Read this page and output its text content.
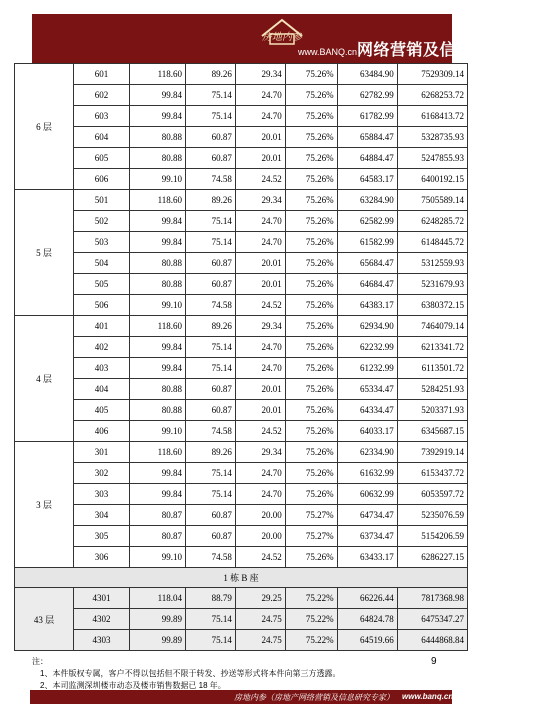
房地内参
www.BANQ.cn网络营销及信息研究专家
6 层	601	118.60	89.26	29.34	75.26%	63484.90	7529309.14
	602	99.84	75.14	24.70	75.26%	62782.99	6268253.72
	603	99.84	75.14	24.70	75.26%	61782.99	6168413.72
	604	80.88	60.87	20.01	75.26%	65884.47	5328735.93
	605	80.88	60.87	20.01	75.26%	64884.47	5247855.93
	606	99.10	74.58	24.52	75.26%	64583.17	6400192.15
5 层	501	118.60	89.26	29.34	75.26%	63284.90	7505589.14
	502	99.84	75.14	24.70	75.26%	62582.99	6248285.72
	503	99.84	75.14	24.70	75.26%	61582.99	6148445.72
	504	80.88	60.87	20.01	75.26%	65684.47	5312559.93
	505	80.88	60.87	20.01	75.26%	64684.47	5231679.93
	506	99.10	74.58	24.52	75.26%	64383.17	6380372.15
4 层	401	118.60	89.26	29.34	75.26%	62934.90	7464079.14
	402	99.84	75.14	24.70	75.26%	62232.99	6213341.72
	403	99.84	75.14	24.70	75.26%	61232.99	6113501.72
	404	80.88	60.87	20.01	75.26%	65334.47	5284251.93
	405	80.88	60.87	20.01	75.26%	64334.47	5203371.93
	406	99.10	74.58	24.52	75.26%	64033.17	6345687.15
3 层	301	118.60	89.26	29.34	75.26%	62334.90	7392919.14
	302	99.84	75.14	24.70	75.26%	61632.99	6153437.72
	303	99.84	75.14	24.70	75.26%	60632.99	6053597.72
	304	80.87	60.87	20.00	75.27%	64734.47	5235076.59
	305	80.87	60.87	20.00	75.27%	63734.47	5154206.59
	306	99.10	74.58	24.52	75.26%	63433.17	6286227.15
1 栋 B 座							
43 层	4301	118.04	88.79	29.25	75.22%	66226.44	7817368.98
	4302	99.89	75.14	24.75	75.22%	64824.78	6475347.27
	4303	99.89	75.14	24.75	75.22%	64519.66	6444868.84
注：
1、本件版权专属，客户不得以包括但不限于转发、抄送等形式将本件向第三方透露。
2、本司监测深圳楼市动态及楼市销售数据已 18 年。
9
房地内参（房地产网络营销及信息研究专家） www.banq.cn
